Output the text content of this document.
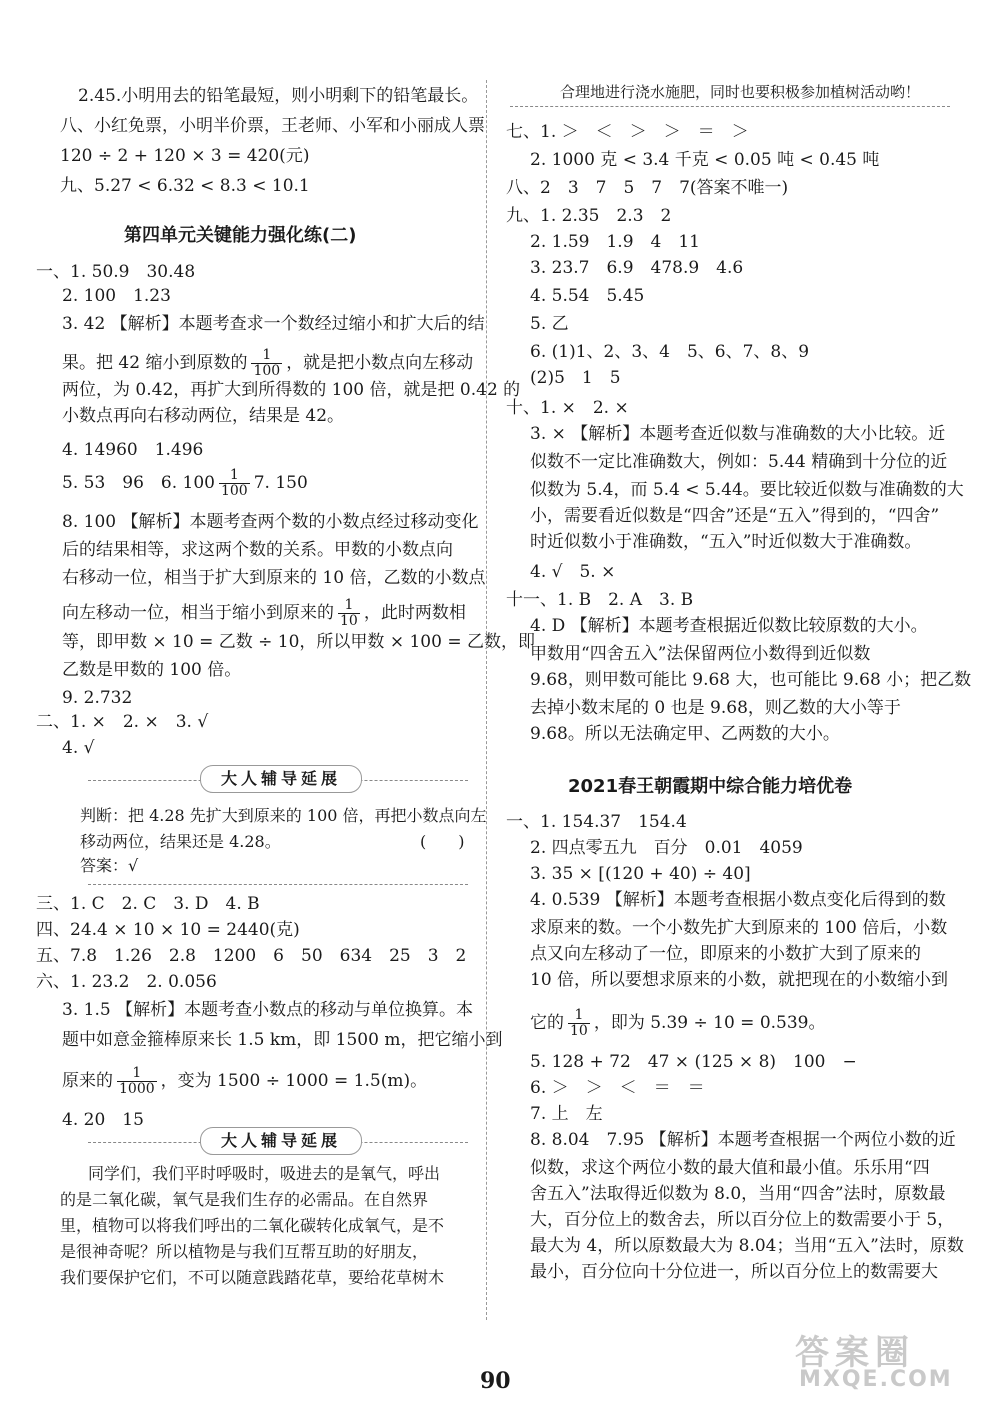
2.45.小明用去的铅笔最短，则小明剩下的铅笔最长。
八、小红免票，小明半价票，王老师、小军和小丽成人票
120 ÷ 2 + 120 × 3 = 420(元)
九、5.27 < 6.32 < 8.3 < 10.1
第四单元关键能力强化练(二)
一、1. 50.9　30.48
2. 100　1.23
3. 42 【解析】本题考查求一个数经过缩小和扩大后的结
果。把 42 缩小到原数的 $\frac{1}{100}$ ，就是把小数点向左移动
两位，为 0.42，再扩大到所得数的 100 倍，就是把 0.42 的
小数点再向右移动两位，结果是 42。
4. 14960　1.496
5. 53　96　6. $100 \frac{1}{100} 7$. 150
8. 100 【解析】本题考查两个数的小数点经过移动变化
后的结果相等，求这两个数的关系。甲数的小数点向
右移动一位，相当于扩大到原来的 10 倍，乙数的小数点
向左移动一位，相当于缩小到原来的 $\frac{1}{10}$ ，此时两数相
等，即甲数 × 10 = 乙数 ÷ 10，所以甲数 × 100 = 乙数，即
乙数是甲数的 100 倍。
9. 2.732
二、1. ×　2. ×　3. √
4. √
大人辅导延展
判断：把 4.28 先扩大到原来的 100 倍，再把小数点向左
移动两位，结果还是 4.28。	(　　)
答案：√
三、1. C　2. C　3. D　4. B
四、24.4 × 10 × 10 = 2440(克)
五、7.8　1.26　2.8　1200　6　50　634　25　3　2
六、1. 23.2　2. 0.056
3. 1.5 【解析】本题考查小数点的移动与单位换算。本
题中如意金箍棒原来长 1.5 km，即 1500 m，把它缩小到
原来的 $\frac{1}{1000}$ ，变为 1500 ÷ 1000 = 1.5(m)。
4. 20　15
大人辅导延展
同学们，我们平时呼吸时，吸进去的是氧气，呼出
的是二氧化碳，氧气是我们生存的必需品。在自然界
里，植物可以将我们呼出的二氧化碳转化成氧气，是不
是很神奇呢？所以植物是与我们互帮互助的好朋友，
我们要保护它们，不可以随意践踏花草，要给花草树木
合理地进行浇水施肥，同时也要积极参加植树活动哟！
七、1. ＞　＜　＞　＞　＝　＞
2. 1000 克 < 3.4 千克 < 0.05 吨 < 0.45 吨
八、2　3　7　5　7　7(答案不唯一)
九、1. 2.35　2.3　2
2. 1.59　1.9　4　11
3. 23.7　6.9　478.9　4.6
4. 5.54　5.45
5. 乙
6. (1)1、2、3、4　5、6、7、8、9
(2)5　1　5
十、1. ×　2. ×
3. × 【解析】本题考查近似数与准确数的大小比较。近
似数不一定比准确数大，例如：5.44 精确到十分位的近
似数为 5.4，而 5.4 < 5.44。要比较近似数与准确数的大
小，需要看近似数是“四舍”还是“五入”得到的，“四舍”
时近似数小于准确数，“五入”时近似数大于准确数。
4. √　5. ×
十一、1. B　2. A　3. B
4. D 【解析】本题考查根据近似数比较原数的大小。
甲数用“四舍五入”法保留两位小数得到近似数
9.68，则甲数可能比 9.68 大，也可能比 9.68 小；把乙数
去掉小数末尾的 0 也是 9.68，则乙数的大小等于
9.68。所以无法确定甲、乙两数的大小。
2021春王朝霞期中综合能力培优卷
一、1. 154.37　154.4
2. 四点零五九　百分　0.01　4059
3. 35 × [(120 + 40) ÷ 40]
4. 0.539 【解析】本题考查根据小数点变化后得到的数
求原来的数。一个小数先扩大到原来的 100 倍后，小数
点又向左移动了一位，即原来的小数扩大到了原来的
10 倍，所以要想求原来的小数，就把现在的小数缩小到
它的 $\frac{1}{10}$ ，即为 5.39 ÷ 10 = 0.539。
5. 128 + 72　47 × (125 × 8)　100　−
6. ＞　＞　＜　＝　＝
7. 上　左
8. 8.04　7.95 【解析】本题考查根据一个两位小数的近
似数，求这个两位小数的最大值和最小值。乐乐用“四
舍五入”法取得近似数为 8.0，当用“四舍”法时，原数最
大，百分位上的数舍去，所以百分位上的数需要小于 5，
最大为 4，所以原数最大为 8.04；当用“五入”法时，原数
最小，百分位向十分位进一，所以百分位上的数需要大
90
答案圈
MXQE.COM
